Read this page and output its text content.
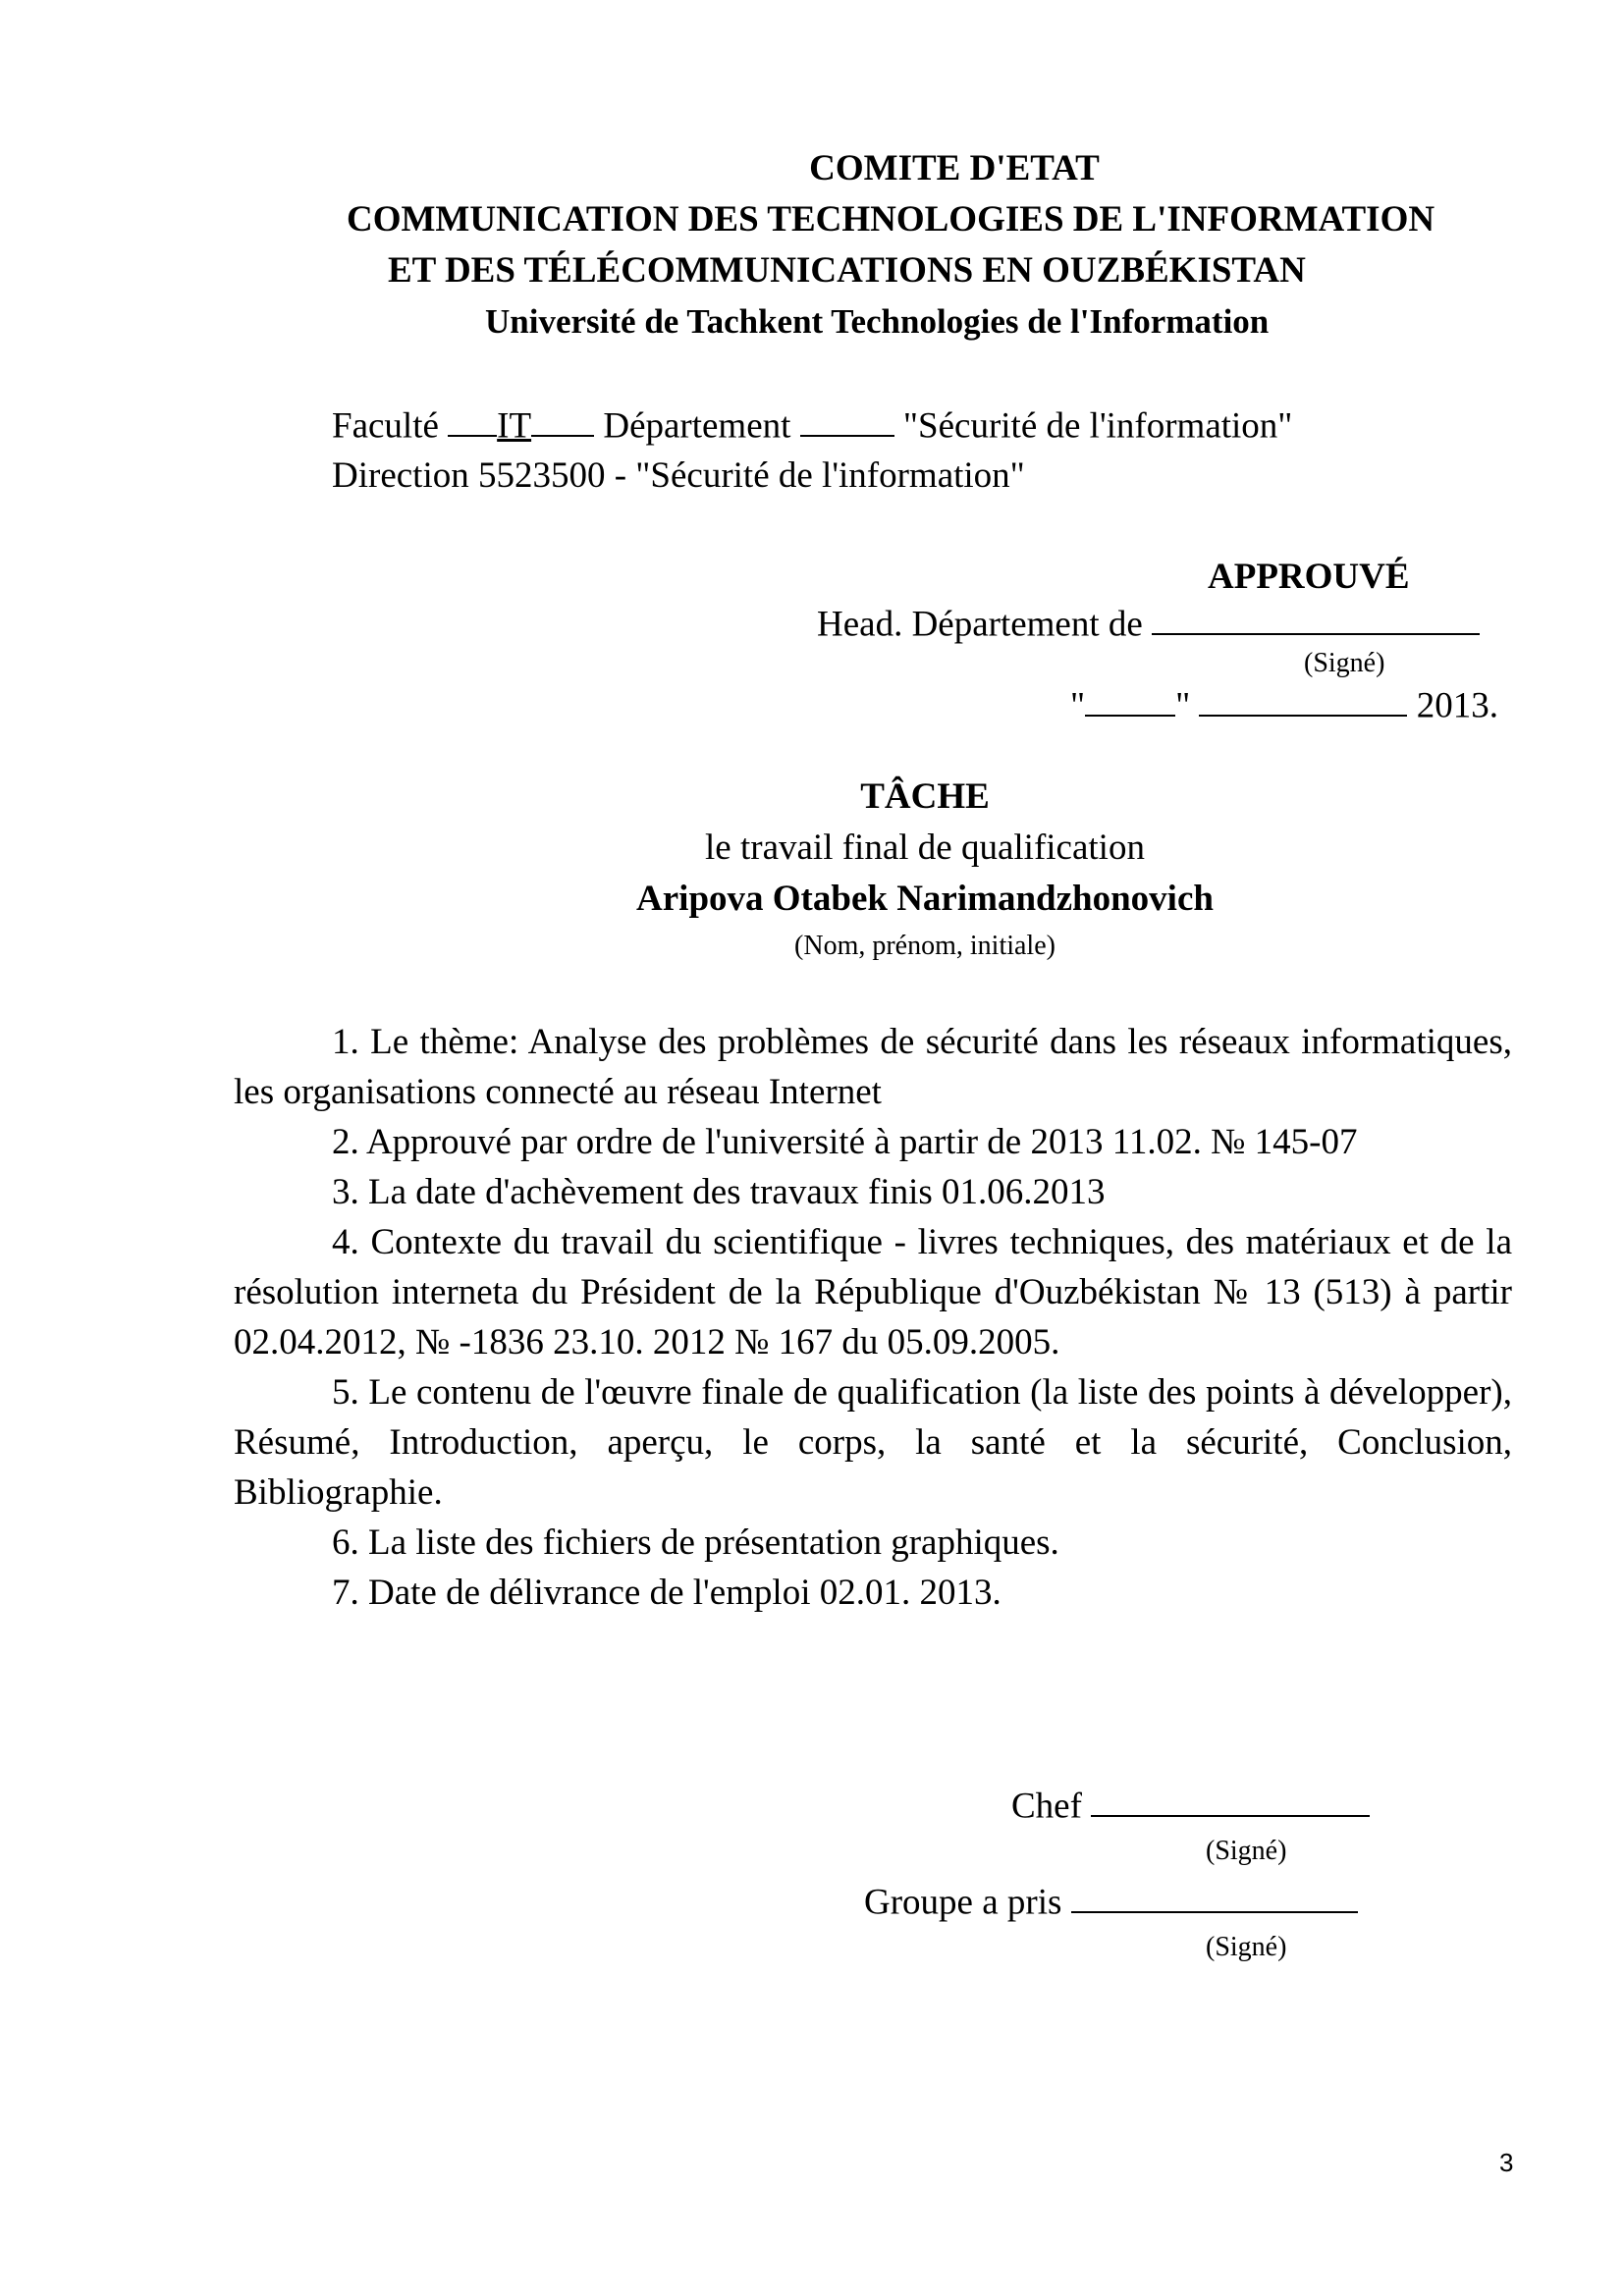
COMITE D'ETAT
COMMUNICATION DES TECHNOLOGIES DE L'INFORMATION
ET DES TÉLÉCOMMUNICATIONS EN OUZBÉKISTAN
Université de Tachkent Technologies de l'Information
Faculté IT Département	"Sécurité de l'information"
Direction 5523500 - "Sécurité de l'information"
APPROUVÉ
Head. Département de
(Signé)
" "	2013.
TÂCHE
le travail final de qualification
Aripova Otabek Narimandzhonovich
(Nom, prénom, initiale)

1. Le thème: Analyse des problèmes de sécurité dans les réseaux informatiques, les organisations connecté au réseau Internet

2. Approuvé par ordre de l'université à partir de 2013 11.02. № 145-07

3. La date d'achèvement des travaux finis 01.06.2013

4. Contexte du travail du scientifique - livres techniques, des matériaux et de la résolution interneta du Président de la République d'Ouzbékistan № 13 (513) à partir 02.04.2012, № -1836 23.10. 2012 № 167 du 05.09.2005.

5. Le contenu de l'œuvre finale de qualification (la liste des points à développer), Résumé, Introduction, aperçu, le corps, la santé et la sécurité, Conclusion, Bibliographie.

6. La liste des fichiers de présentation graphiques.

7. Date de délivrance de l'emploi 02.01. 2013.

Chef
(Signé)
Groupe a pris
(Signé)
3
